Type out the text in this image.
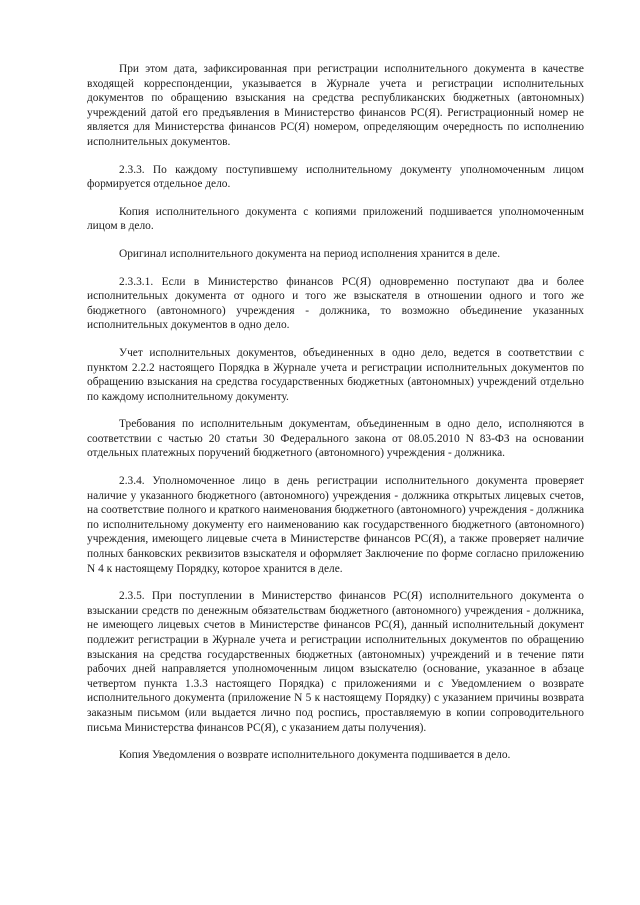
При этом дата, зафиксированная при регистрации исполнительного документа в качестве входящей корреспонденции, указывается в Журнале учета и регистрации исполнительных документов по обращению взыскания на средства республиканских бюджетных (автономных) учреждений датой его предъявления в Министерство финансов РС(Я). Регистрационный номер не является для Министерства финансов РС(Я) номером, определяющим очередность по исполнению исполнительных документов.

2.3.3. По каждому поступившему исполнительному документу уполномоченным лицом формируется отдельное дело.

Копия исполнительного документа с копиями приложений подшивается уполномоченным лицом в дело.

Оригинал исполнительного документа на период исполнения хранится в деле.

2.3.3.1. Если в Министерство финансов РС(Я) одновременно поступают два и более исполнительных документа от одного и того же взыскателя в отношении одного и того же бюджетного (автономного) учреждения - должника, то возможно объединение указанных исполнительных документов в одно дело.

Учет исполнительных документов, объединенных в одно дело, ведется в соответствии с пунктом 2.2.2 настоящего Порядка в Журнале учета и регистрации исполнительных документов по обращению взыскания на средства государственных бюджетных (автономных) учреждений отдельно по каждому исполнительному документу.

Требования по исполнительным документам, объединенным в одно дело, исполняются в соответствии с частью 20 статьи 30 Федерального закона от 08.05.2010 N 83-ФЗ на основании отдельных платежных поручений бюджетного (автономного) учреждения - должника.

2.3.4. Уполномоченное лицо в день регистрации исполнительного документа проверяет наличие у указанного бюджетного (автономного) учреждения - должника открытых лицевых счетов, на соответствие полного и краткого наименования бюджетного (автономного) учреждения - должника по исполнительному документу его наименованию как государственного бюджетного (автономного) учреждения, имеющего лицевые счета в Министерстве финансов РС(Я), а также проверяет наличие полных банковских реквизитов взыскателя и оформляет Заключение по форме согласно приложению N 4 к настоящему Порядку, которое хранится в деле.

2.3.5. При поступлении в Министерство финансов РС(Я) исполнительного документа о взыскании средств по денежным обязательствам бюджетного (автономного) учреждения - должника, не имеющего лицевых счетов в Министерстве финансов РС(Я), данный исполнительный документ подлежит регистрации в Журнале учета и регистрации исполнительных документов по обращению взыскания на средства государственных бюджетных (автономных) учреждений и в течение пяти рабочих дней направляется уполномоченным лицом взыскателю (основание, указанное в абзаце четвертом пункта 1.3.3 настоящего Порядка) с приложениями и с Уведомлением о возврате исполнительного документа (приложение N 5 к настоящему Порядку) с указанием причины возврата заказным письмом (или выдается лично под роспись, проставляемую в копии сопроводительного письма Министерства финансов РС(Я), с указанием даты получения).

Копия Уведомления о возврате исполнительного документа подшивается в дело.
